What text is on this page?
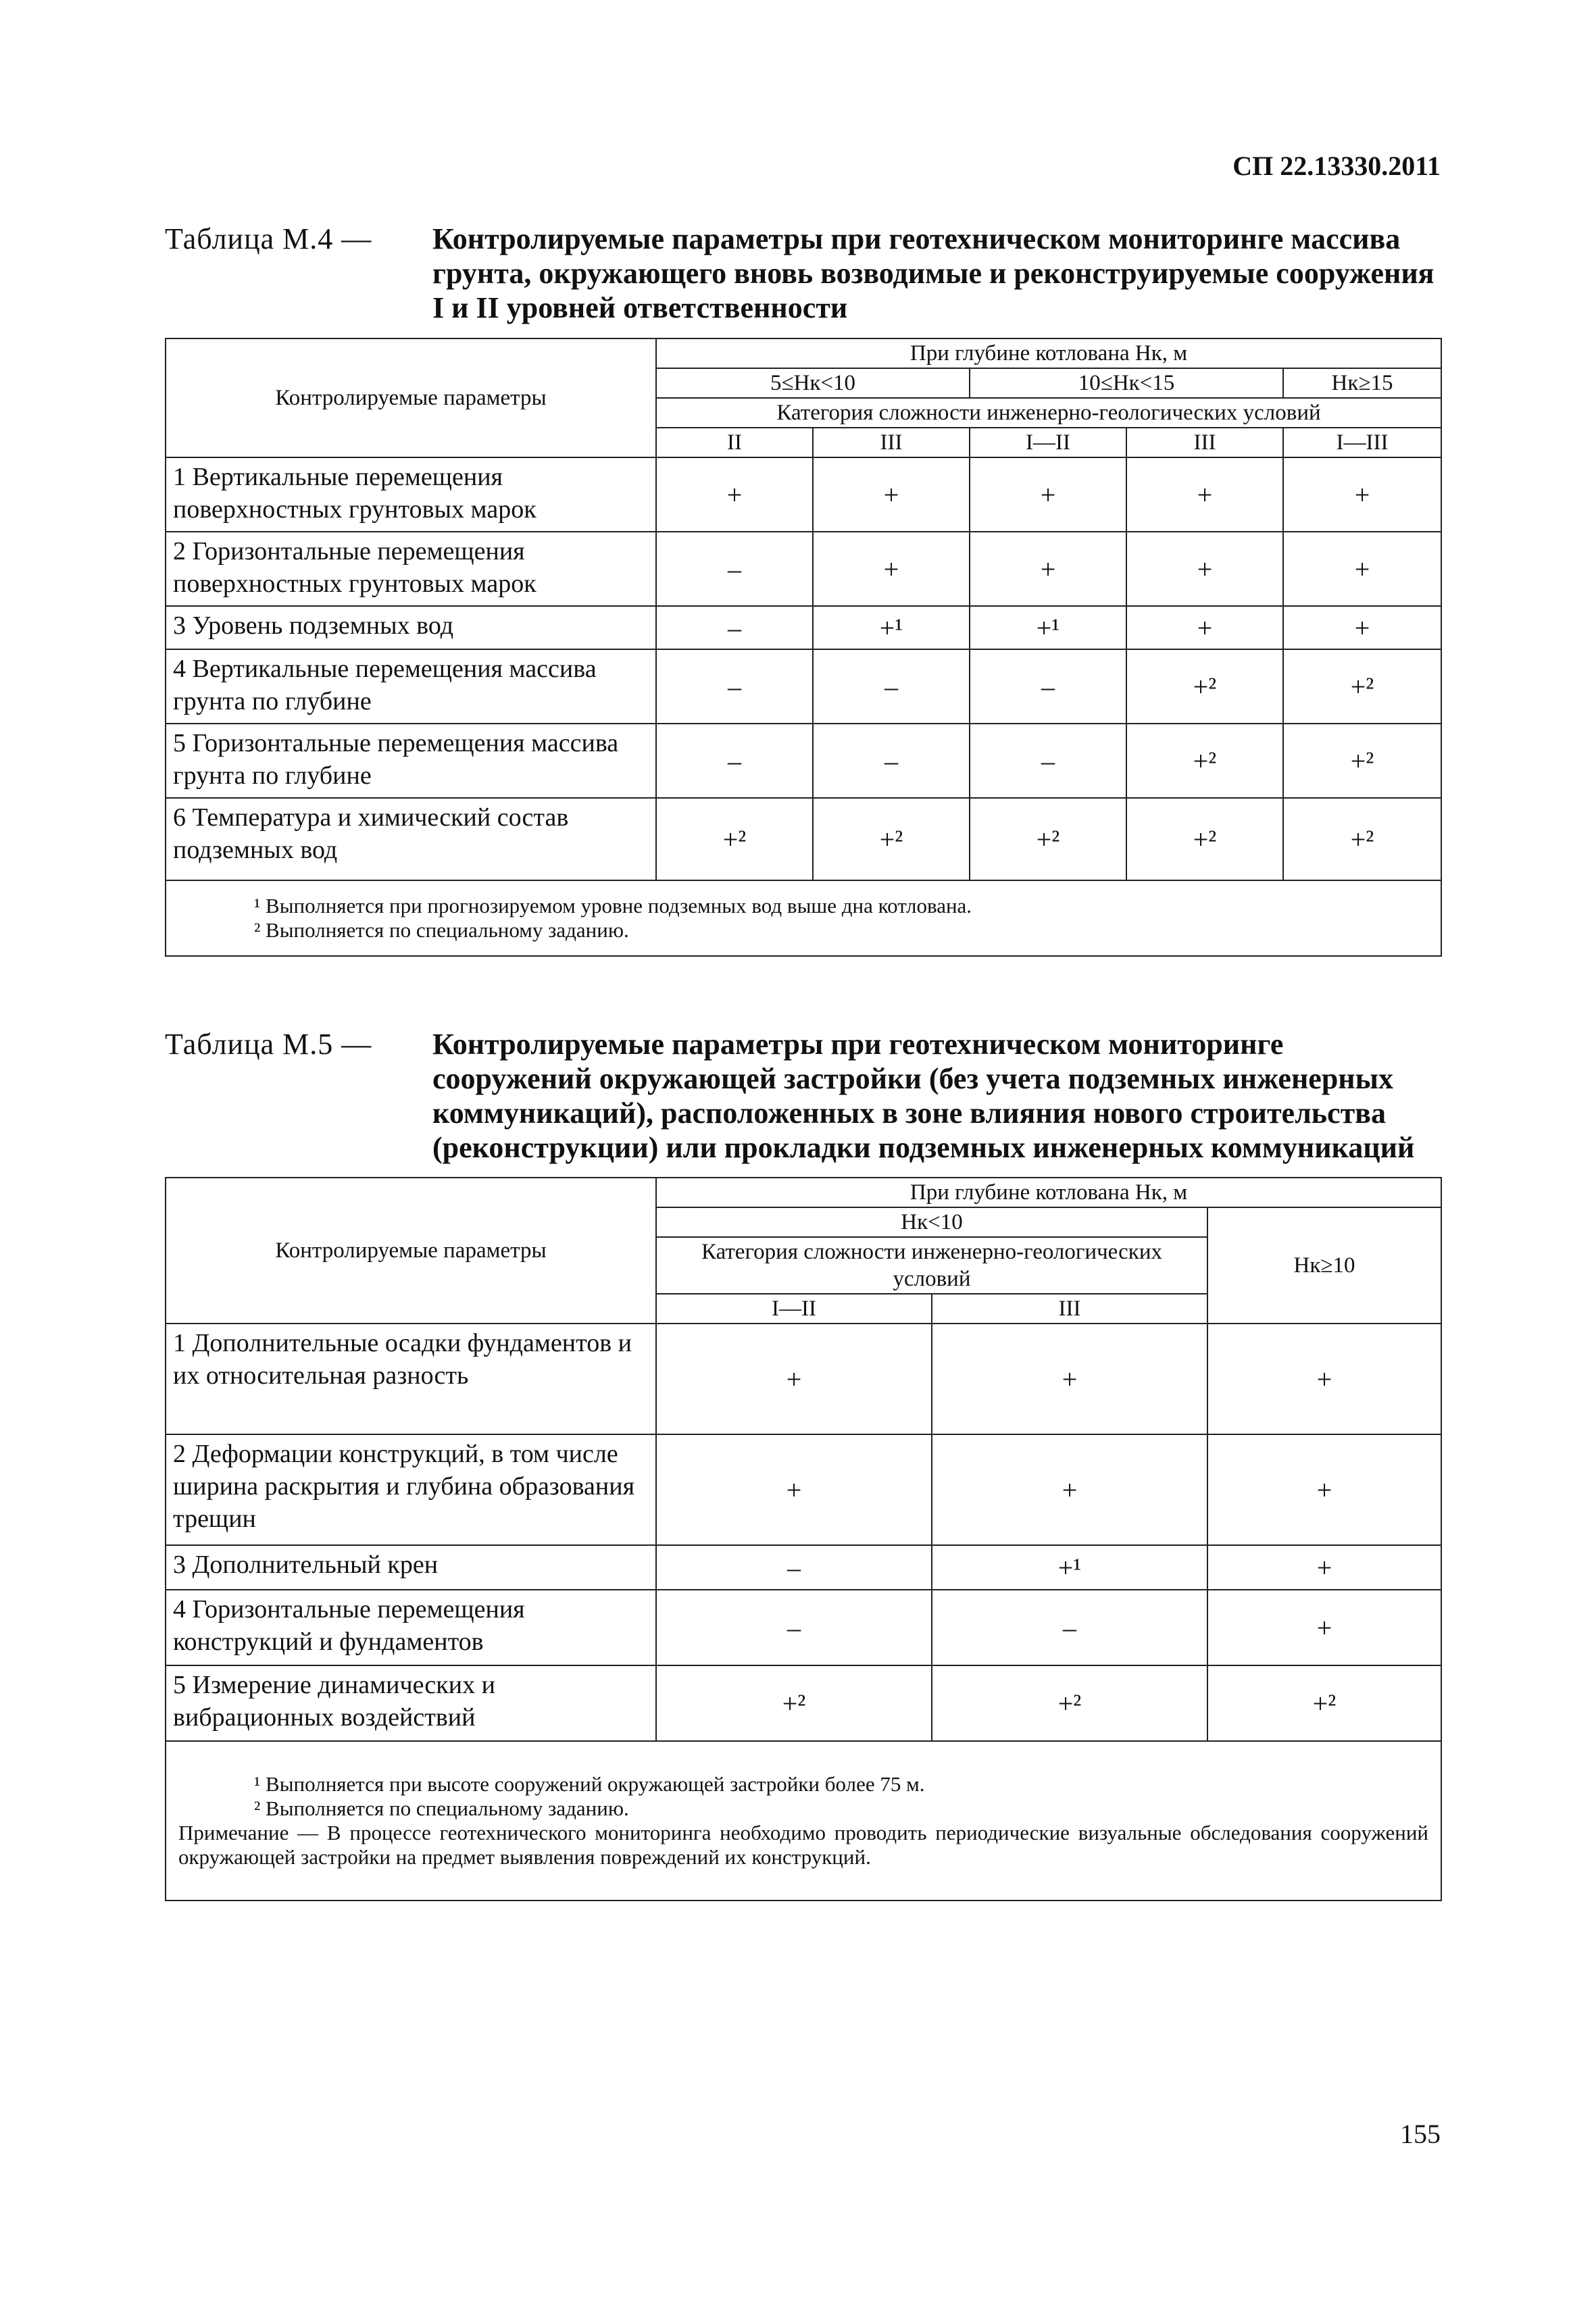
СП 22.13330.2011
Таблица М.4 — Контролируемые параметры при геотехническом мониторинге массива грунта, окружающего вновь возводимые и реконструируемые сооружения I и II уровней ответственности
Контролируемые параметры	При глубине котлована Hк, м				
	5≤Hк<10		10≤Hк<15		Hк≥15
	Категория сложности инженерно-геологических условий				
	II	III	I—II	III	I—III
1 Вертикальные перемещения поверхностных грунтовых марок	+	+	+	+	+
2 Горизонтальные перемещения поверхностных грунтовых марок	–	+	+	+	+
3 Уровень подземных вод	–	+¹	+¹	+	+
4 Вертикальные перемещения массива грунта по глубине	–	–	–	+²	+²
5 Горизонтальные перемещения массива грунта по глубине	–	–	–	+²	+²
6 Температура и химический состав подземных вод	+²	+²	+²	+²	+²

¹ Выполняется при прогнозируемом уровне подземных вод выше дна котлована.
² Выполняется по специальному заданию.					
Таблица М.5 — Контролируемые параметры при геотехническом мониторинге сооружений окружающей застройки (без учета подземных инженерных коммуникаций), расположенных в зоне влияния нового строительства (реконструкции) или прокладки подземных инженерных коммуникаций
Контролируемые параметры	При глубине котлована Hк, м		
	Hк<10		Hк≥10
	Категория сложности инженерно-геологических условий		
	I—II	III	
1 Дополнительные осадки фундаментов и их относительная разность	+	+	+
2 Деформации конструкций, в том числе ширина раскрытия и глубина образования трещин	+	+	+
3 Дополнительный крен	–	+¹	+
4 Горизонтальные перемещения конструкций и фундаментов	–	–	+
5 Измерение динамических и вибрационных воздействий	+²	+²	+²

¹ Выполняется при высоте сооружений окружающей застройки более 75 м.
² Выполняется по специальному заданию.
Примечание — В процессе геотехнического мониторинга необходимо проводить периодические визуальные обследования сооружений окружающей застройки на предмет выявления повреждений их конструкций.			
155
